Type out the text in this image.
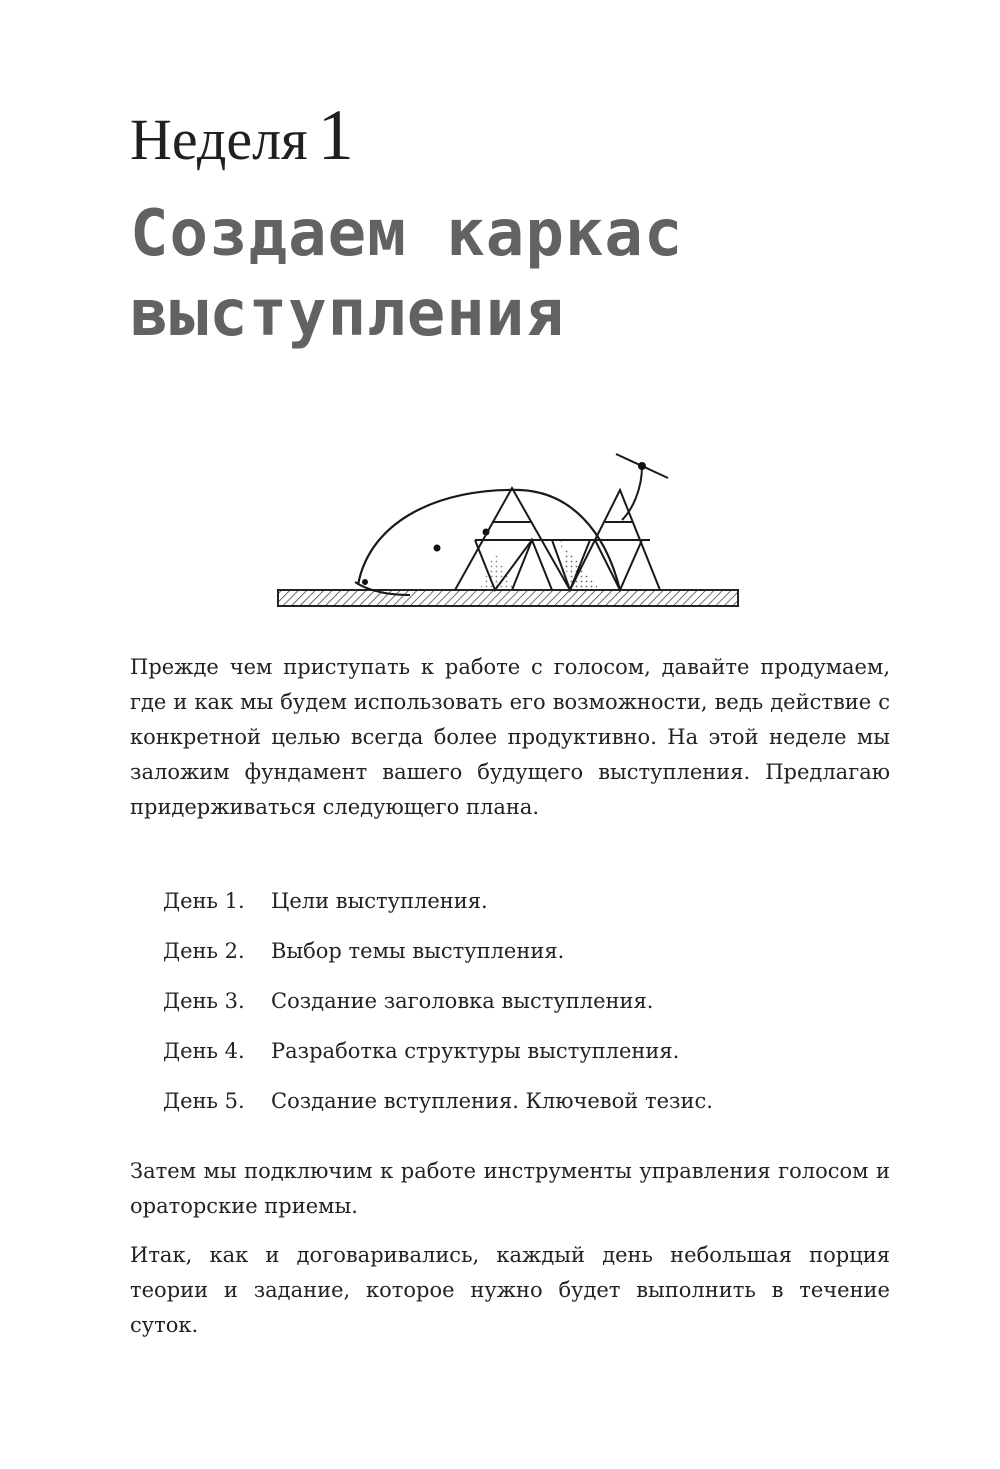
Неделя 1
Создаем каркас выступления
Прежде чем приступать к работе с голосом, давайте продумаем, где и как мы будем использовать его возможности, ведь действие с конкретной целью всегда более продуктивно. На этой неделе мы заложим фундамент вашего будущего выступления. Предлагаю придерживаться следующего плана.
День 1. Цели выступления.
День 2. Выбор темы выступления.
День 3. Создание заголовка выступления.
День 4. Разработка структуры выступления.
День 5. Создание вступления. Ключевой тезис.
Затем мы подключим к работе инструменты управления голосом и ораторские приемы.
Итак, как и договаривались, каждый день небольшая порция теории и задание, которое нужно будет выполнить в течение суток.
